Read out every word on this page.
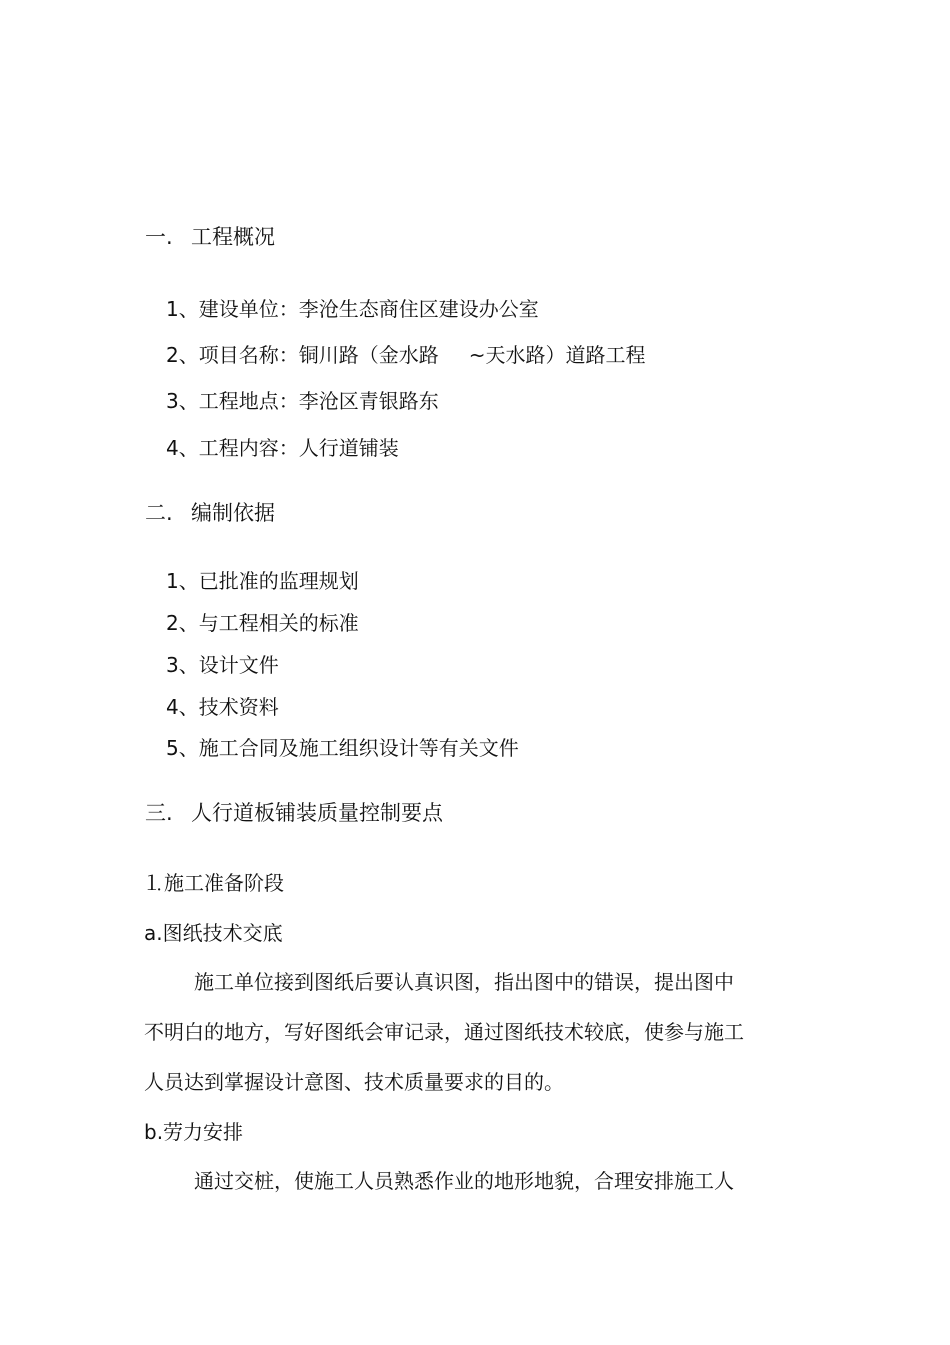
一. 工程概况
1、建设单位：李沧生态商住区建设办公室
2、项目名称：铜川路（金水路 ~天水路）道路工程
3、工程地点：李沧区青银路东
4、工程内容：人行道铺装
二. 编制依据
1、已批准的监理规划
2、与工程相关的标准
3、设计文件
4、技术资料
5、施工合同及施工组织设计等有关文件
三. 人行道板铺装质量控制要点
⒈施工准备阶段
a.图纸技术交底
施工单位接到图纸后要认真识图，指出图中的错误，提出图中
不明白的地方，写好图纸会审记录，通过图纸技术较底，使参与施工
人员达到掌握设计意图、技术质量要求的目的。
b.劳力安排
通过交桩，使施工人员熟悉作业的地形地貌，合理安排施工人
